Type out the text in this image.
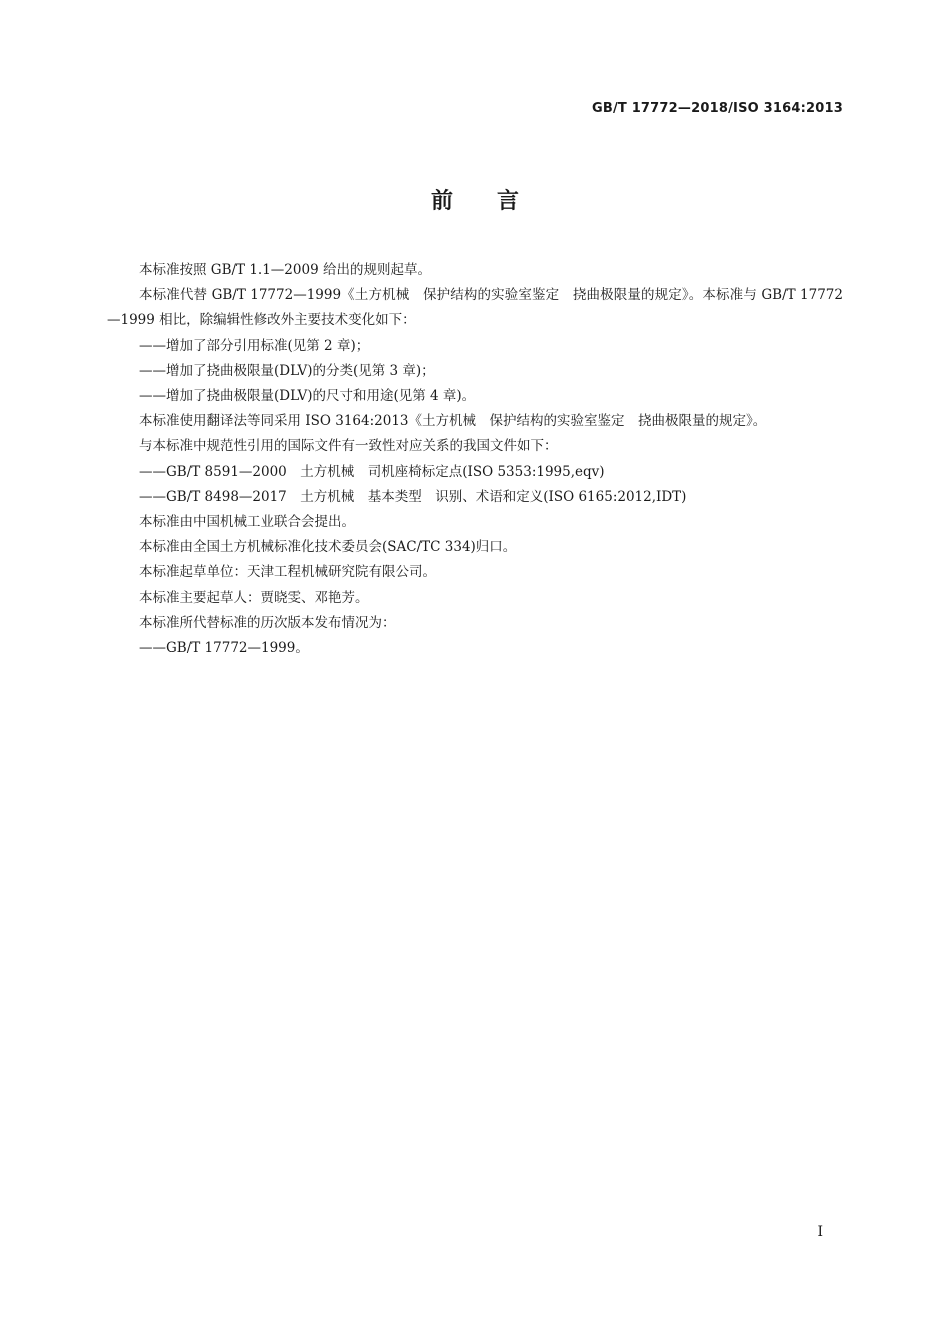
GB/T 17772—2018/ISO 3164:2013
前　　言

本标准按照 GB/T 1.1—2009 给出的规则起草。

本标准代替 GB/T 17772—1999《土方机械　保护结构的实验室鉴定　挠曲极限量的规定》。本标准与 GB/T 17772—1999 相比，除编辑性修改外主要技术变化如下：

——增加了部分引用标准(见第 2 章)；

——增加了挠曲极限量(DLV)的分类(见第 3 章)；

——增加了挠曲极限量(DLV)的尺寸和用途(见第 4 章)。

本标准使用翻译法等同采用 ISO 3164:2013《土方机械　保护结构的实验室鉴定　挠曲极限量的规定》。

与本标准中规范性引用的国际文件有一致性对应关系的我国文件如下：

——GB/T 8591—2000　土方机械　司机座椅标定点(ISO 5353:1995,eqv)

——GB/T 8498—2017　土方机械　基本类型　识别、术语和定义(ISO 6165:2012,IDT)

本标准由中国机械工业联合会提出。

本标准由全国土方机械标准化技术委员会(SAC/TC 334)归口。

本标准起草单位：天津工程机械研究院有限公司。

本标准主要起草人：贾晓雯、邓艳芳。

本标准所代替标准的历次版本发布情况为：

——GB/T 17772—1999。

I
